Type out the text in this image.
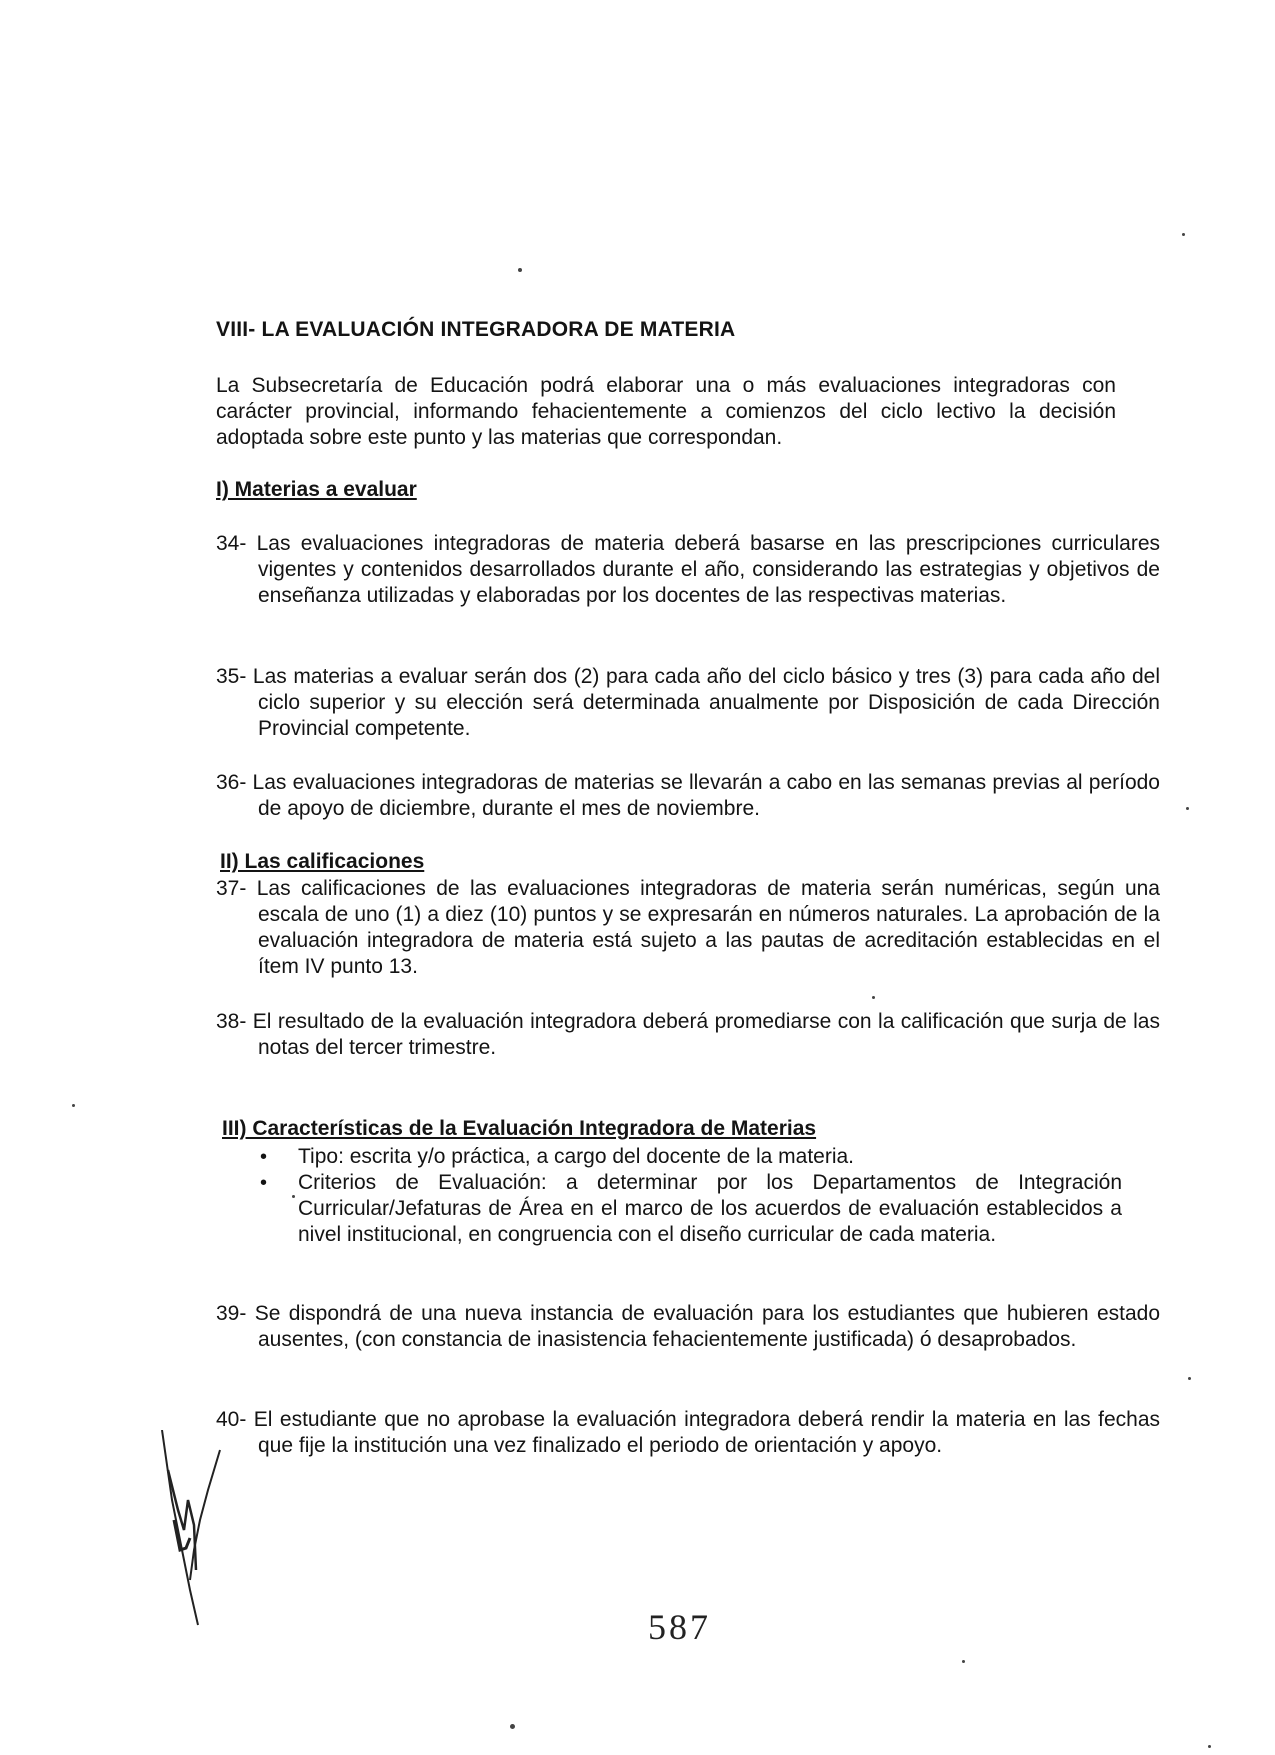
VIII- LA EVALUACIÓN INTEGRADORA DE MATERIA
La Subsecretaría de Educación podrá elaborar una o más evaluaciones integradoras con carácter provincial, informando fehacientemente a comienzos del ciclo lectivo la decisión adoptada sobre este punto y las materias que correspondan.
I) Materias a evaluar
34- Las evaluaciones integradoras de materia deberá basarse en las prescripciones curriculares vigentes y contenidos desarrollados durante el año, considerando las estrategias y objetivos de enseñanza utilizadas y elaboradas por los docentes de las respectivas materias.
35- Las materias a evaluar serán dos (2) para cada año del ciclo básico y tres (3) para cada año del ciclo superior y su elección será determinada anualmente por Disposición de cada Dirección Provincial competente.
36- Las evaluaciones integradoras de materias se llevarán a cabo en las semanas previas al período de apoyo de diciembre, durante el mes de noviembre.
II) Las calificaciones
37- Las calificaciones de las evaluaciones integradoras de materia serán numéricas, según una escala de uno (1) a diez (10) puntos y se expresarán en números naturales. La aprobación de la evaluación integradora de materia está sujeto a las pautas de acreditación establecidas en el ítem IV punto 13.
38- El resultado de la evaluación integradora deberá promediarse con la calificación que surja de las notas del tercer trimestre.
III) Características de la Evaluación Integradora de Materias
• Tipo: escrita y/o práctica, a cargo del docente de la materia.
• Criterios de Evaluación: a determinar por los Departamentos de Integración Curricular/Jefaturas de Área en el marco de los acuerdos de evaluación establecidos a nivel institucional, en congruencia con el diseño curricular de cada materia.
39- Se dispondrá de una nueva instancia de evaluación para los estudiantes que hubieren estado ausentes, (con constancia de inasistencia fehacientemente justificada) ó desaprobados.
40- El estudiante que no aprobase la evaluación integradora deberá rendir la materia en las fechas que fije la institución una vez finalizado el periodo de orientación y apoyo.
587
